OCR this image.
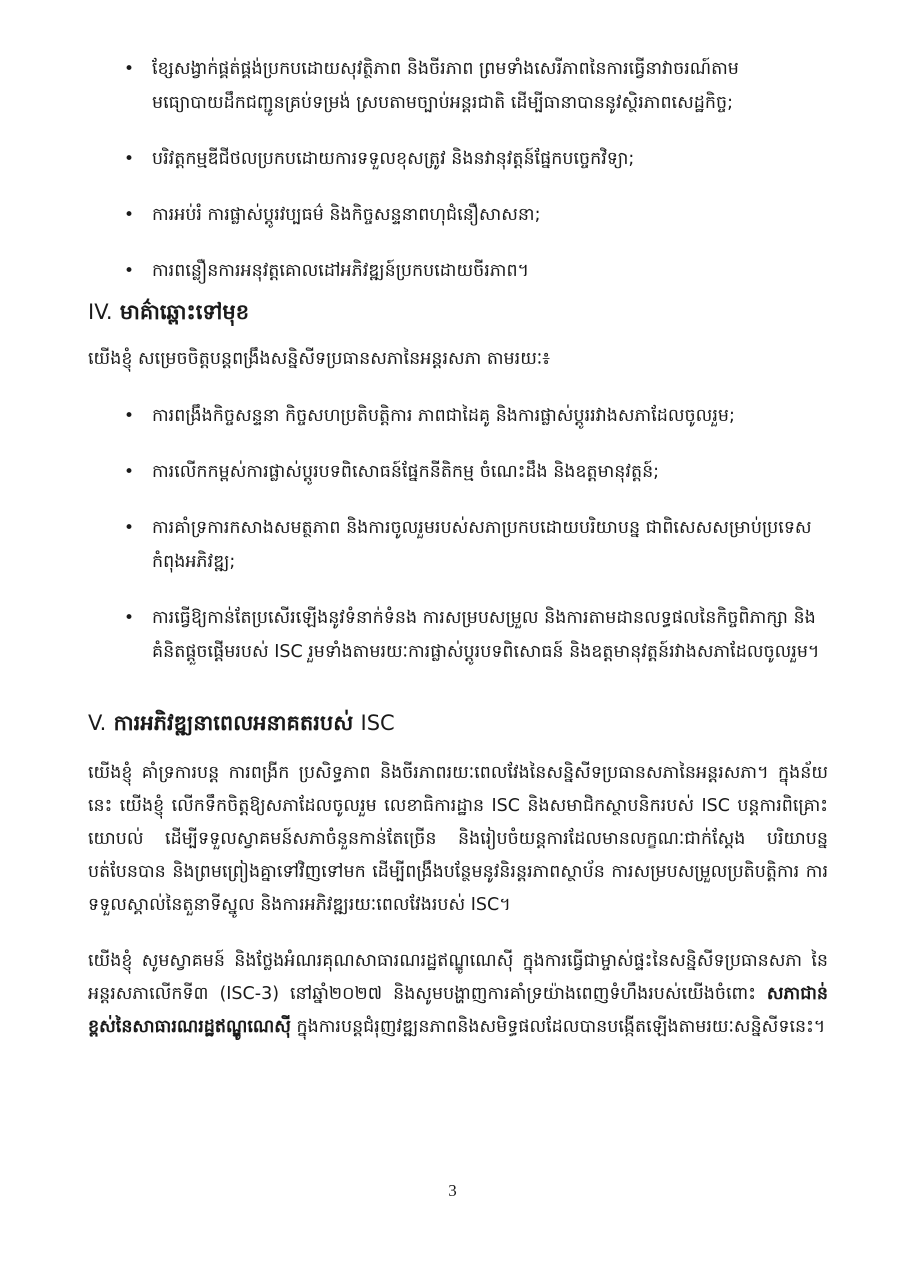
• ខ្សែសង្វាក់ផ្គត់ផ្គង់ប្រកបដោយសុវត្ថិភាព និងចីរភាព ព្រមទាំងសេរីភាពនៃការធ្វើនាវាចរណ៍តាមមធ្យោបាយដឹកជញ្ជូនគ្រប់ទម្រង់ ស្របតាមច្បាប់អន្តរជាតិ ដើម្បីធានាបាននូវស្ថិរភាពសេដ្ឋកិច្ច;
• បរិវត្តកម្មឌីជីថលប្រកបដោយការទទួលខុសត្រូវ និងនវានុវត្តន៍ផ្នែកបច្ចេកវិទ្យា;
• ការអប់រំ ការផ្លាស់ប្តូរវប្បធម៌ និងកិច្ចសន្ទនាពហុជំនឿសាសនា;
• ការពន្លឿនការអនុវត្តគោលដៅអភិវឌ្ឍន៍ប្រកបដោយចីរភាព។
IV. មាគ៌ាឆ្ពោះទៅមុខ

យើងខ្ញុំ សម្រេចចិត្តបន្តពង្រឹងសន្និសីទប្រធានសភានៃអន្តរសភា តាមរយៈ៖

• ការពង្រឹងកិច្ចសន្ទនា កិច្ចសហប្រតិបត្តិការ ភាពជាដៃគូ និងការផ្លាស់ប្តូររវាងសភាដែលចូលរួម;
• ការលើកកម្ពស់ការផ្លាស់ប្តូរបទពិសោធន៍ផ្នែកនីតិកម្ម ចំណេះដឹង និងឧត្តមានុវត្តន៍;
• ការគាំទ្រការកសាងសមត្ថភាព និងការចូលរួមរបស់សភាប្រកបដោយបរិយាបន្ន ជាពិសេសសម្រាប់ប្រទេសកំពុងអភិវឌ្ឍ;
• ការធ្វើឱ្យកាន់តែប្រសើរឡើងនូវទំនាក់ទំនង ការសម្របសម្រួល និងការតាមដានលទ្ធផលនៃកិច្ចពិភាក្សា និងគំនិតផ្តួចផ្តើមរបស់ ISC រួមទាំងតាមរយៈការផ្លាស់ប្តូរបទពិសោធន៍ និងឧត្តមានុវត្តន៍រវាងសភាដែលចូលរួម។
V. ការអភិវឌ្ឍនាពេលអនាគតរបស់ ISC

យើងខ្ញុំ គាំទ្រការបន្ត ការពង្រីក ប្រសិទ្ធភាព និងចីរភាពរយៈពេលវែងនៃសន្និសីទប្រធានសភានៃអន្តរសភា។ ក្នុងន័យនេះ យើងខ្ញុំ លើកទឹកចិត្តឱ្យសភាដែលចូលរួម លេខាធិការដ្ឋាន ISC និងសមាជិកស្ថាបនិករបស់ ISC បន្តការពិគ្រោះយោបល់ ដើម្បីទទួលស្វាគមន៍សភាចំនួនកាន់តែច្រើន និងរៀបចំយន្តការដែលមានលក្ខណៈជាក់ស្តែង បរិយាបន្ន បត់បែនបាន និងព្រមព្រៀងគ្នាទៅវិញទៅមក ដើម្បីពង្រឹងបន្ថែមនូវនិរន្តរភាពស្ថាប័ន ការសម្របសម្រួលប្រតិបត្តិការ ការទទួលស្គាល់នៃតួនាទីស្នូល និងការអភិវឌ្ឍរយៈពេលវែងរបស់ ISC។

យើងខ្ញុំ សូមស្វាគមន៍ និងថ្លែងអំណរគុណសាធារណរដ្ឋឥណ្ឌូណេស៊ី ក្នុងការធ្វើជាម្ចាស់ផ្ទះនៃសន្និសីទប្រធានសភា នៃអន្តរសភាលើកទី៣ (ISC-3) នៅឆ្នាំ២០២៧ និងសូមបង្ហាញការគាំទ្រយ៉ាងពេញទំហឹងរបស់យើងចំពោះ សភាជាន់ខ្ពស់នៃសាធារណរដ្ឋឥណ្ឌូណេស៊ី ក្នុងការបន្តជំរុញវឌ្ឍនភាពនិងសមិទ្ធផលដែលបានបង្កើតឡើងតាមរយៈសន្និសីទនេះ។

3
